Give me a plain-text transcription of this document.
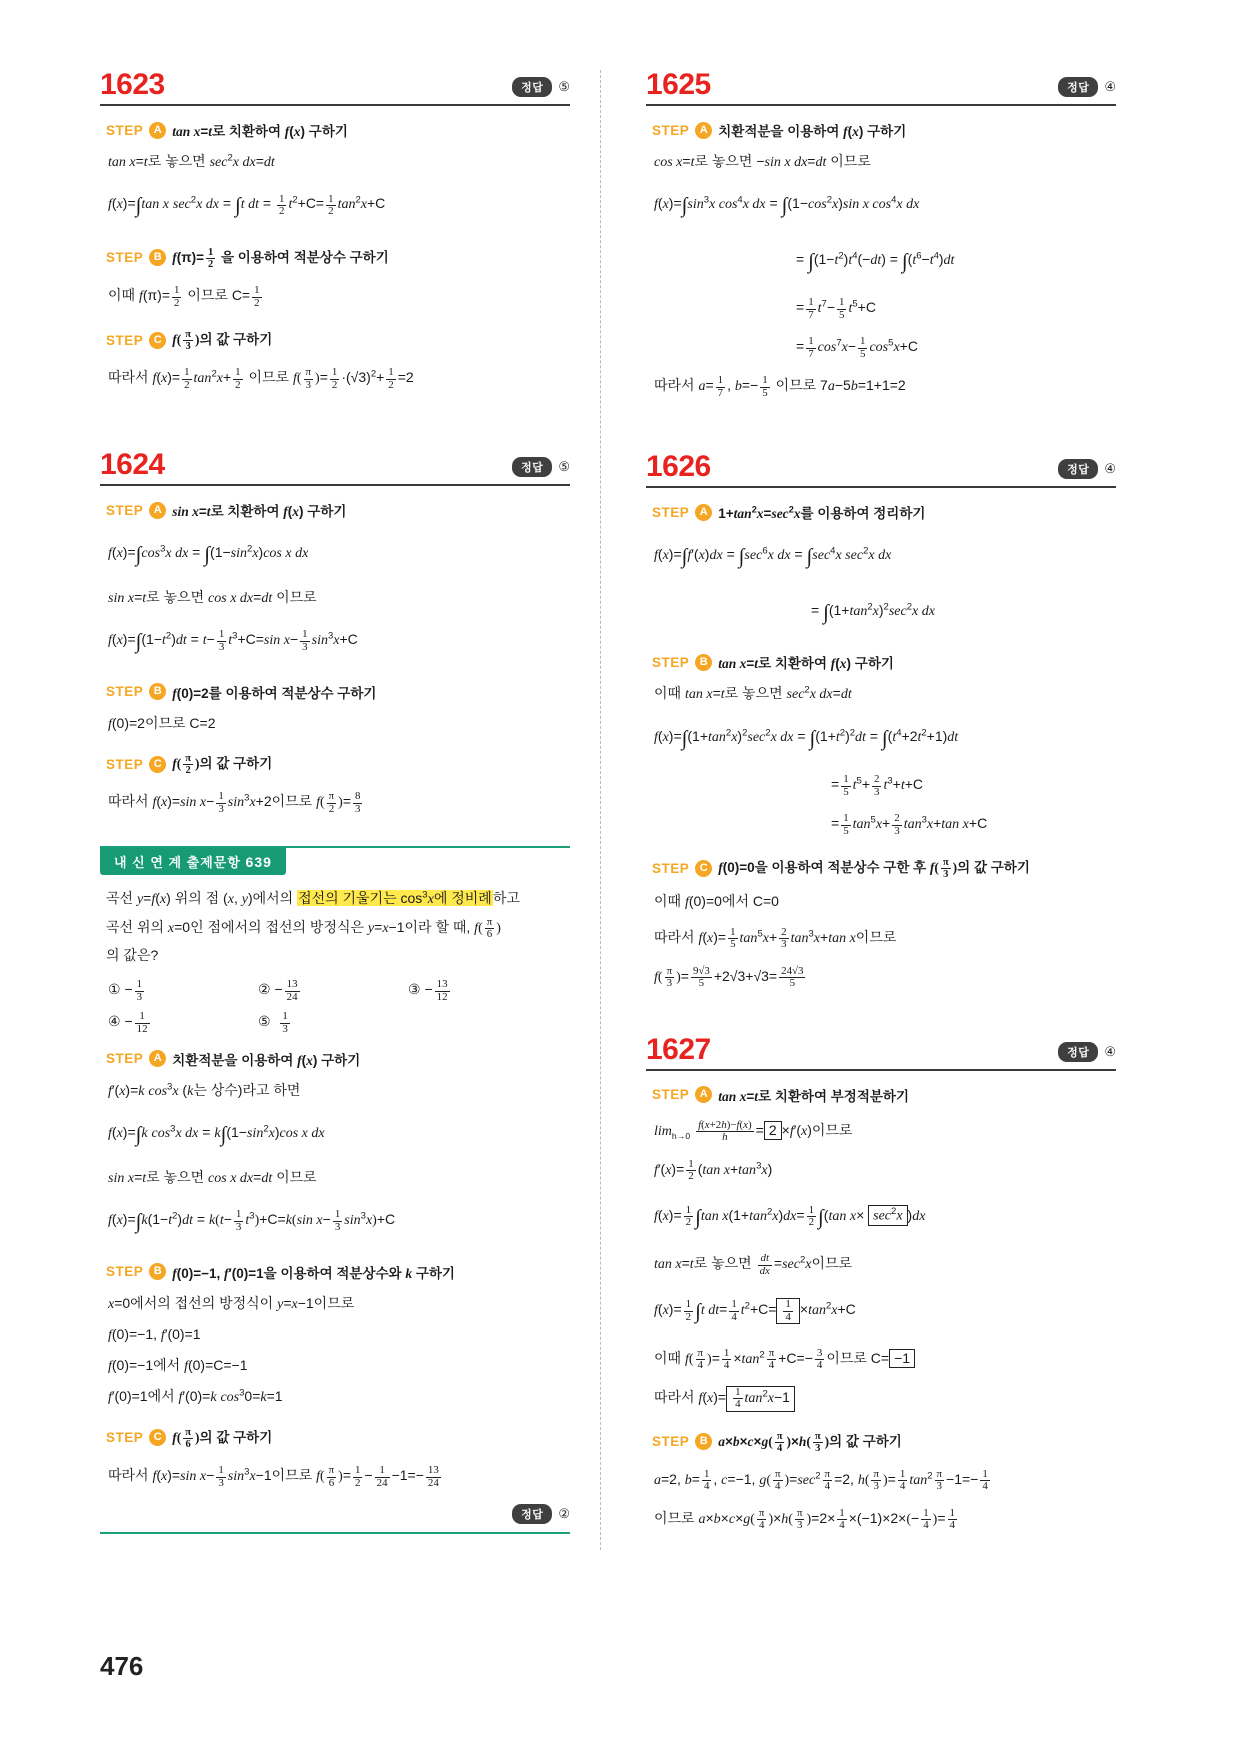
1623	정답	⑤
STEP A tan x=t로 치환하여 f(x) 구하기
tan x=t로 놓으면 $\sec^2x$ dx=dt
f(x)=∫tan x $\sec^2x$ dx = ∫t dt = $\frac{1}{2} t^2+C= \frac{1}{2} \tan^2x+C$
STEP B $f(\pi)= \frac{1}{2}$ 을 이용하여 적분상수 구하기
이때 $f(\pi)= \frac{1}{2}$ 이므로 $C= \frac{1}{2}$
STEP C $f( \frac{\pi}{3}$ )의 값 구하기
따라서 $f(x)= \frac{1}{2} \tan^2x+ \frac{1}{2}$ 이므로 $f( \frac{\pi}{3}$ )= $\frac{1}{2} \cdot(√3)^2+ \frac{1}{2} =2$
1624	정답	⑤
STEP A sin x=t로 치환하여 f(x) 구하기
$f(x)=\int\cos^3x$ dx = $\int(1-\sin^2x)\cos$ x dx
sin x=t로 놓으면 cos x dx=dt 이므로
$f(x)=\int(1-t^2)dt = t- \frac{1}{3} t^3+C=\sin$ $x- \frac{1}{3} \sin^3x+C$
STEP B f(0)=2를 이용하여 적분상수 구하기
f(0)=2이므로 C=2
STEP C $f( \frac{\pi}{2}$ )의 값 구하기
따라서 f(x)=sin $x- \frac{1}{3} \sin^3x+2$이므로 $f( \frac{\pi}{2}$ )= $\frac{8}{3}$
내 신 연 계 출제문항 639
곡선 y=f(x) 위의 점 (x, y)에서의 접선의 기울기는 $\cos^3x$에 정비례하고
곡선 위의 x=0인 점에서의 접선의 방정식은 y=x−1이라 할 때, $f( \frac{\pi}{6}$ )
의 값은?
① − $\frac{1}{3}$	② − $\frac{13}{24}$	③ − $\frac{13}{12}$
④ − $\frac{1}{12}$	⑤ $\frac{1}{3}$
STEP A 치환적분을 이용하여 f(x) 구하기
f′(x)=k $\cos^3x$ (k는 상수)라고 하면
f(x)=∫k $\cos^3x$ dx = $k\int(1-\sin^2x)\cos$ x dx
sin x=t로 놓으면 cos x dx=dt 이므로
$f(x)=\int k(1-t^2)dt = k(t- \frac{1}{3} t^3)+C=k(\sin$ $x- \frac{1}{3} \sin^3x)+C$
STEP B f(0)=−1, f′(0)=1을 이용하여 적분상수와 k 구하기
x=0에서의 접선의 방정식이 y=x−1이므로
f(0)=−1, f′(0)=1
f(0)=−1에서 f(0)=C=−1
f′(0)=1에서 f′(0)=k $\cos^30=k=1$
STEP C $f( \frac{\pi}{6}$ )의 값 구하기
따라서 f(x)=sin $x- \frac{1}{3} \sin^3x-1$이므로 $f( \frac{\pi}{6}$ )= $\frac{1}{2} - \frac{1}{24} -1=- \frac{13}{24}$
정답	②
1625	정답	④
STEP A 치환적분을 이용하여 f(x) 구하기
cos x=t로 놓으면 −sin x dx=dt 이므로
$f(x)=\int\sin^3x$ $\cos^4x$ dx = $\int(1-\cos^2x)\sin$ x $\cos^4x$ dx
= $\int(1-t^2)t^4(-dt) = \int(t^6-t^4)dt$
= $\frac{1}{7} t^7- \frac{1}{5} t^5+C$
= $\frac{1}{7} \cos^7x- \frac{1}{5} \cos^5x+C$
따라서 $a= \frac{1}{7}$ , $b=- \frac{1}{5}$ 이므로 7a−5b=1+1=2
1626	정답	④
STEP A $1+\tan^2x=\sec^2x$를 이용하여 정리하기
$f(x)=\int f'(x)dx = \int\sec^6x$ dx = $\int\sec^4x$ $\sec^2x$ dx
= $\int(1+\tan^2x)^2\sec^2x$ dx
STEP B tan x=t로 치환하여 f(x) 구하기
이때 tan x=t로 놓으면 $\sec^2x$ dx=dt
$f(x)=\int(1+\tan^2x)^2\sec^2x$ dx = $\int(1+t^2)^2dt = \int(t^4+2t^2+1)dt$
= $\frac{1}{5} t^5+ \frac{2}{3} t^3+t+C$
= $\frac{1}{5} \tan^5x+ \frac{2}{3} \tan^3x+\tan$ x+C
STEP C f(0)=0을 이용하여 적분상수 구한 후 $f( \frac{\pi}{3}$ )의 값 구하기
이때 f(0)=0에서 C=0
따라서 $f(x)= \frac{1}{5} \tan^5x+ \frac{2}{3} \tan^3x+\tan$ x이므로
$f( \frac{\pi}{3}$ )= $\frac{9√3}{5} +2√3+√3= \frac{24√3}{5}$
1627	정답	④
STEP A tan x=t로 치환하여 부정적분하기
$\lim_{h\to 0} \frac{f(x+2h)-f(x)}{h} = 2 \times f'(x)$이므로
$f'(x)= \frac{1}{2} (\tan$ $x+\tan^3x$)
$f(x)= \frac{1}{2} \int\tan$ $x(1+\tan^2x)dx= \frac{1}{2} \int(\tan$ $x\times \sec^2x$ )dx
tan x=t로 놓으면 $\frac{dt}{dx} =\sec^2x$이므로
$f(x)= \frac{1}{2} \int t$ $dt= \frac{1}{4} t^2+C= \frac{1}{4} \times\tan^2x+C$
이때 $f( \frac{\pi}{4}$ )= $\frac{1}{4} \times\tan^2 \frac{\pi}{4} +C=- \frac{3}{4}$ 이므로 C= −1
따라서 $f(x)= \frac{1}{4} \tan^2x-1$
STEP B $a\times b\times c\times g( \frac{\pi}{4} )\times h( \frac{\pi}{3}$ )의 값 구하기
a=2, $b= \frac{1}{4}$ , c=−1, $g( \frac{\pi}{4} )=\sec^2 \frac{\pi}{4} =2$, $h( \frac{\pi}{3}$ )= $\frac{1}{4} \tan^2 \frac{\pi}{3} -1=- \frac{1}{4}$
이므로 $a\times b\times c\times g( \frac{\pi}{4} )\times h( \frac{\pi}{3} )=2\times \frac{1}{4} \times(-1)\times 2\times(- \frac{1}{4}$ )= $\frac{1}{4}$
476
